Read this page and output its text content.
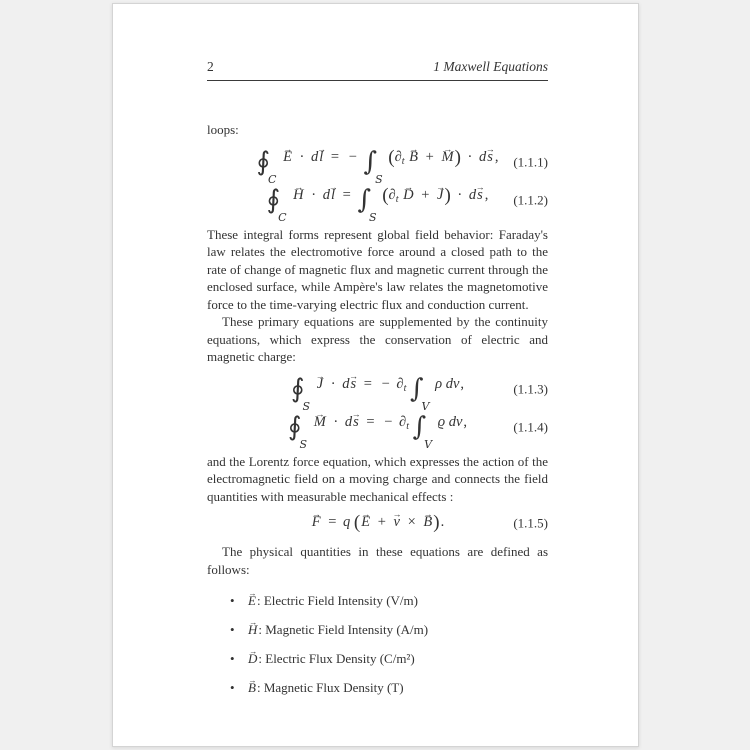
2	1 Maxwell Equations

loops:

$∮_C \to E \cdot d\to l$ = − $\int_S$ ($\partial_t \to B$ + → M) · d→ s , (1.1.1)
$∮_C \to H \cdot d\to l = \int_S$ ($\partial_t \to D$ + → J) · d→ s , (1.1.2)

These integral forms represent global field behavior: Faraday's law relates the electromotive force around a closed path to the rate of change of magnetic flux and magnetic current through the enclosed surface, while Ampère's law relates the magnetomotive force to the time-varying electric flux and conduction current.

These primary equations are supplemented by the continuity equations, which express the conservation of electric and magnetic charge:

$∮_S \to J \cdot d\to s$ = − $\partial_t$ $\int_V$ ρ dv,	(1.1.3)
$∮_S \to M \cdot d\to s$ = − $\partial_t$ $\int_V$ ϱ dv,	(1.1.4)

and the Lorentz force equation, which expresses the action of the electromagnetic field on a moving charge and connects the field quantities with measurable mechanical effects :

→ F = q (→ E + → v × → B).	(1.1.5)

The physical quantities in these equations are defined as follows:

• → E: Electric Field Intensity (V/m)
• → H: Magnetic Field Intensity (A/m)
• → D: Electric Flux Density (C/m²)
• → B: Magnetic Flux Density (T)
